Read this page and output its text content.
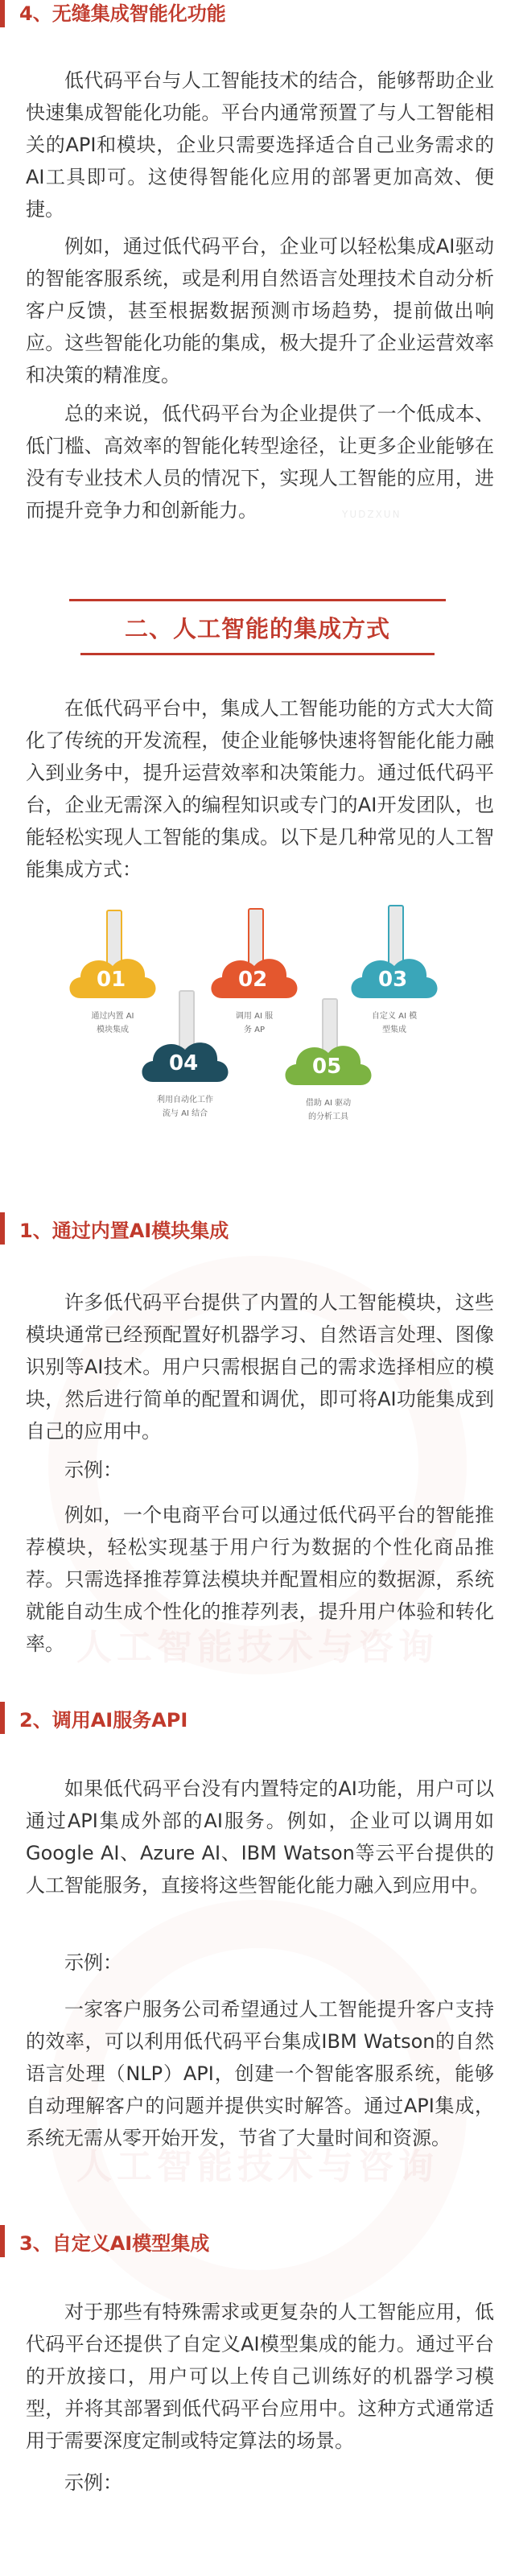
人工智能技术与咨询
人工智能技术与咨询
YUDZXUN
4、无缝集成智能化功能

低代码平台与人工智能技术的结合，能够帮助企业快速集成智能化功能。平台内通常预置了与人工智能相关的API和模块，企业只需要选择适合自己业务需求的AI工具即可。这使得智能化应用的部署更加高效、便捷。

例如，通过低代码平台，企业可以轻松集成AI驱动的智能客服系统，或是利用自然语言处理技术自动分析客户反馈，甚至根据数据预测市场趋势，提前做出响应。这些智能化功能的集成，极大提升了企业运营效率和决策的精准度。

总的来说，低代码平台为企业提供了一个低成本、低门槛、高效率的智能化转型途径，让更多企业能够在没有专业技术人员的情况下，实现人工智能的应用，进而提升竞争力和创新能力。

二、人工智能的集成方式

在低代码平台中，集成人工智能功能的方式大大简化了传统的开发流程，使企业能够快速将智能化能力融入到业务中，提升运营效率和决策能力。通过低代码平台，企业无需深入的编程知识或专门的AI开发团队，也能轻松实现人工智能的集成。以下是几种常见的人工智能集成方式：

01
通过内置 AI
模块集成
02
调用 AI 服
务 AP
03
自定义 AI 模
型集成
04
利用自动化工作
流与 AI 结合
05
借助 AI 驱动
的分析工具
1、通过内置AI模块集成

许多低代码平台提供了内置的人工智能模块，这些模块通常已经预配置好机器学习、自然语言处理、图像识别等AI技术。用户只需根据自己的需求选择相应的模块，然后进行简单的配置和调优，即可将AI功能集成到自己的应用中。

示例：

例如，一个电商平台可以通过低代码平台的智能推荐模块，轻松实现基于用户行为数据的个性化商品推荐。只需选择推荐算法模块并配置相应的数据源，系统就能自动生成个性化的推荐列表，提升用户体验和转化率。

2、调用AI服务API

如果低代码平台没有内置特定的AI功能，用户可以通过API集成外部的AI服务。例如，企业可以调用如Google AI、Azure AI、IBM Watson等云平台提供的人工智能服务，直接将这些智能化能力融入到应用中。

示例：

一家客户服务公司希望通过人工智能提升客户支持的效率，可以利用低代码平台集成IBM Watson的自然语言处理（NLP）API，创建一个智能客服系统，能够自动理解客户的问题并提供实时解答。通过API集成，系统无需从零开始开发，节省了大量时间和资源。

3、自定义AI模型集成

对于那些有特殊需求或更复杂的人工智能应用，低代码平台还提供了自定义AI模型集成的能力。通过平台的开放接口，用户可以上传自己训练好的机器学习模型，并将其部署到低代码平台应用中。这种方式通常适用于需要深度定制或特定算法的场景。

示例：
